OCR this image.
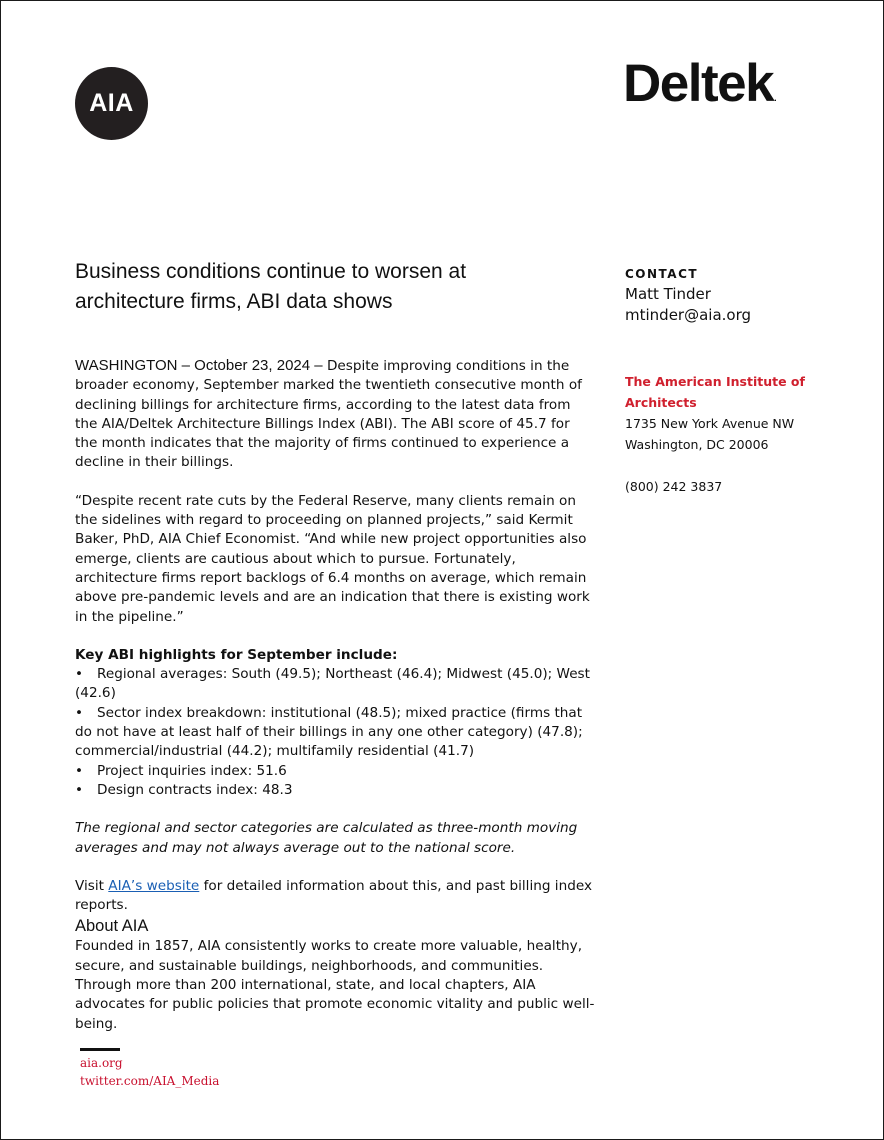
AIA	Deltek.
Business conditions continue to worsen at architecture firms, ABI data shows

WASHINGTON – October 23, 2024 – Despite improving conditions in the broader economy, September marked the twentieth consecutive month of declining billings for architecture firms, according to the latest data from the AIA/Deltek Architecture Billings Index (ABI). The ABI score of 45.7 for the month indicates that the majority of firms continued to experience a decline in their billings.

“Despite recent rate cuts by the Federal Reserve, many clients remain on the sidelines with regard to proceeding on planned projects,” said Kermit Baker, PhD, AIA Chief Economist. “And while new project opportunities also emerge, clients are cautious about which to pursue. Fortunately, architecture firms report backlogs of 6.4 months on average, which remain above pre-pandemic levels and are an indication that there is existing work in the pipeline.”

Key ABI highlights for September include:

• Regional averages: South (49.5); Northeast (46.4); Midwest (45.0); West (42.6)

• Sector index breakdown: institutional (48.5); mixed practice (firms that do not have at least half of their billings in any one other category) (47.8); commercial/industrial (44.2); multifamily residential (41.7)

• Project inquiries index: 51.6

• Design contracts index: 48.3

The regional and sector categories are calculated as three-month moving averages and may not always average out to the national score.

Visit AIA’s website for detailed information about this, and past billing index reports.

About AIA

Founded in 1857, AIA consistently works to create more valuable, healthy, secure, and sustainable buildings, neighborhoods, and communities. Through more than 200 international, state, and local chapters, AIA advocates for public policies that promote economic vitality and public well-being.

aia.org
twitter.com/AIA_Media
CONTACT
Matt Tinder
mtinder@aia.org
The American Institute of Architects
1735 New York Avenue NW
Washington, DC 20006
(800) 242 3837
